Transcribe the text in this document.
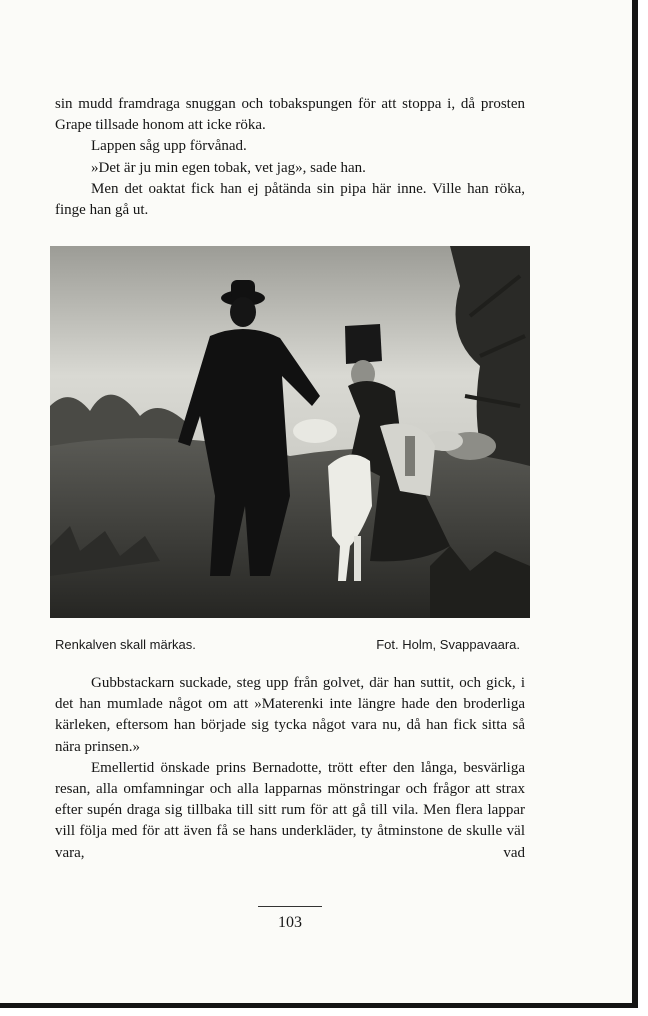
sin mudd framdraga snuggan och tobakspungen för att stoppa i, då prosten Grape tillsade honom att icke röka.

Lappen såg upp förvånad.

»Det är ju min egen tobak, vet jag», sade han.

Men det oaktat fick han ej påtända sin pipa här inne. Ville han röka, finge han gå ut.

Renkalven skall märkas.	Fot. Holm, Svappavaara.

Gubbstackarn suckade, steg upp från golvet, där han suttit, och gick, i det han mumlade något om att »Materenki inte längre hade den broderliga kärleken, eftersom han började sig tycka något vara nu, då han fick sitta så nära prinsen.»

Emellertid önskade prins Bernadotte, trött efter den långa, besvärliga resan, alla omfamningar och alla lapparnas mönstringar och frågor att strax efter supén draga sig tillbaka till sitt rum för att gå till vila. Men flera lappar vill följa med för att även få se hans underkläder, ty åtminstone de skulle väl vara, vad

103
